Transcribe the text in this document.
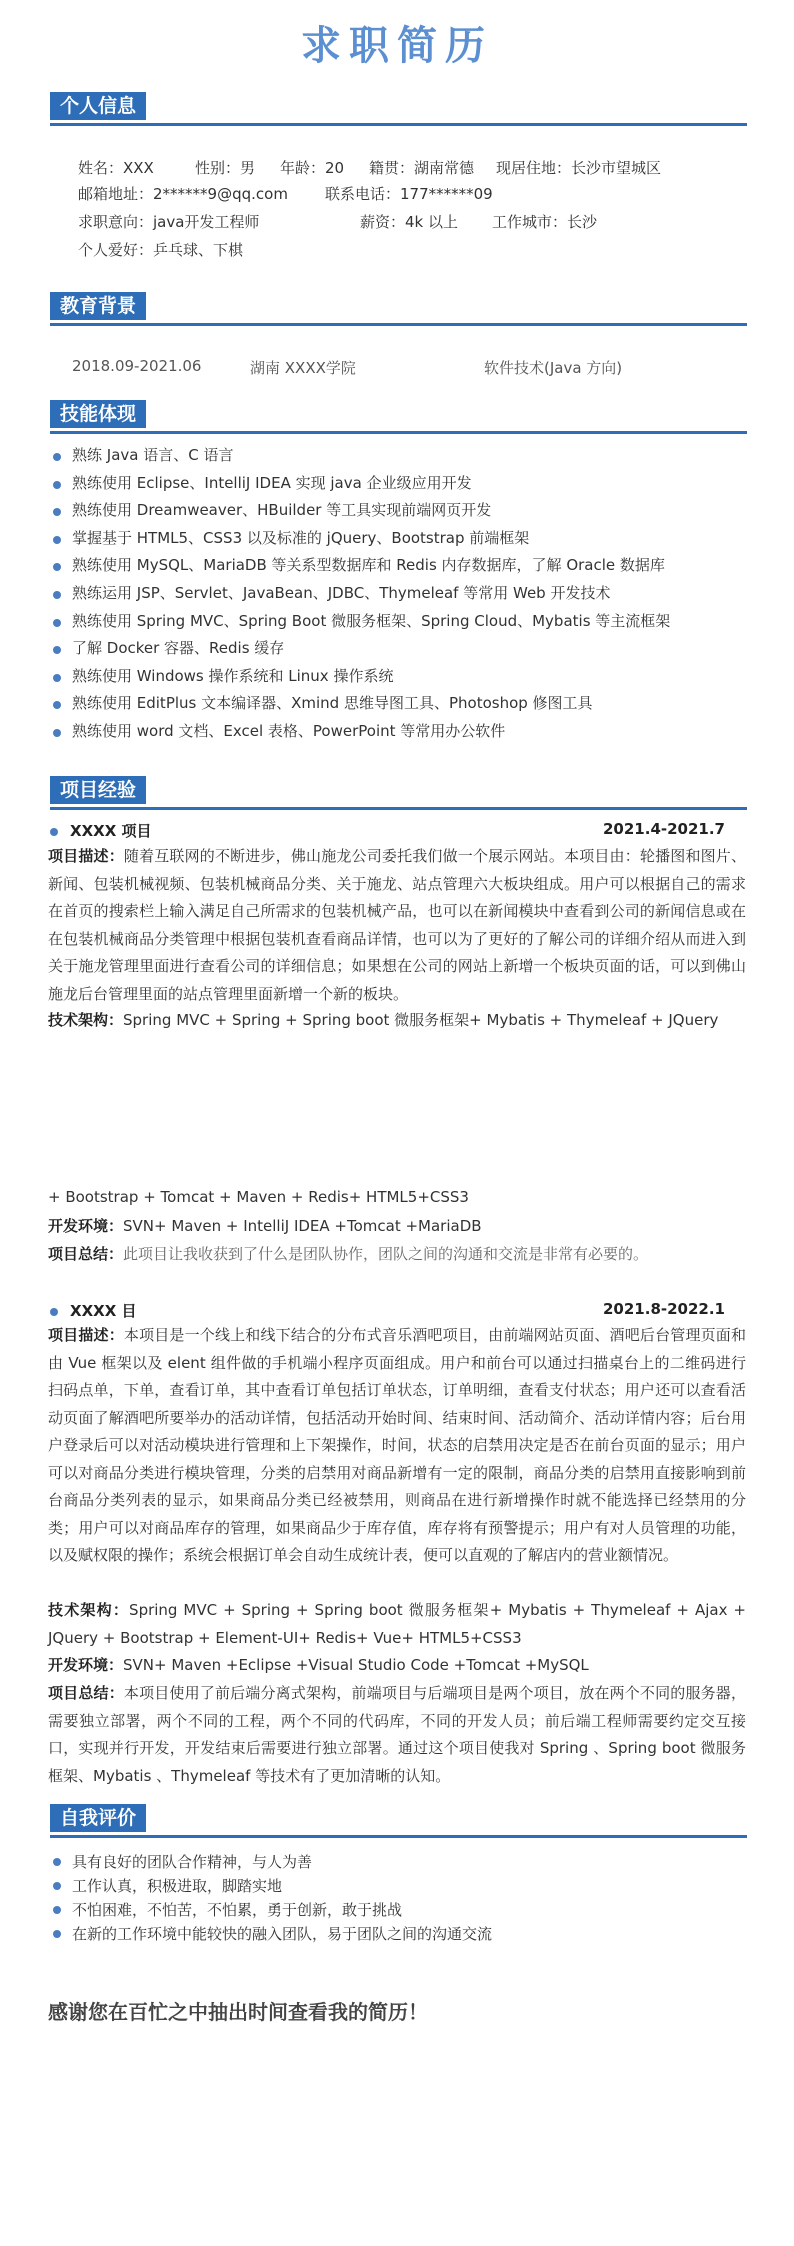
求职简历
个人信息
姓名：XXX	性别：男 年龄：20 籍贯：湖南常德 现居住地：长沙市望城区
邮箱地址：2******9@qq.com 联系电话：177******09
求职意向：java开发工程师	薪资：4k 以上 工作城市：长沙
个人爱好：乒乓球、下棋
教育背景
2018.09-2021.06	湖南 XXXX学院	软件技术(Java 方向)
技能体现
熟练 Java 语言、C 语言
熟练使用 Eclipse、IntelliJ IDEA 实现 java 企业级应用开发
熟练使用 Dreamweaver、HBuilder 等工具实现前端网页开发
掌握基于 HTML5、CSS3 以及标准的 jQuery、Bootstrap 前端框架
熟练使用 MySQL、MariaDB 等关系型数据库和 Redis 内存数据库，了解 Oracle 数据库
熟练运用 JSP、Servlet、JavaBean、JDBC、Thymeleaf 等常用 Web 开发技术
熟练使用 Spring MVC、Spring Boot 微服务框架、Spring Cloud、Mybatis 等主流框架
了解 Docker 容器、Redis 缓存
熟练使用 Windows 操作系统和 Linux 操作系统
熟练使用 EditPlus 文本编译器、Xmind 思维导图工具、Photoshop 修图工具
熟练使用 word 文档、Excel 表格、PowerPoint 等常用办公软件
项目经验
XXXX 项目	2021.4-2021.7
项目描述：随着互联网的不断进步，佛山施龙公司委托我们做一个展示网站。本项目由：轮播图和图片、新闻、包装机械视频、包装机械商品分类、关于施龙、站点管理六大板块组成。用户可以根据自己的需求在首页的搜索栏上输入满足自己所需求的包装机械产品，也可以在新闻模块中查看到公司的新闻信息或在在包装机械商品分类管理中根据包装机查看商品详情，也可以为了更好的了解公司的详细介绍从而进入到关于施龙管理里面进行查看公司的详细信息；如果想在公司的网站上新增一个板块页面的话，可以到佛山施龙后台管理里面的站点管理里面新增一个新的板块。
技术架构：Spring MVC + Spring + Spring boot 微服务框架+ Mybatis + Thymeleaf + JQuery
+ Bootstrap + Tomcat + Maven + Redis+ HTML5+CSS3
开发环境：SVN+ Maven + IntelliJ IDEA +Tomcat +MariaDB
项目总结：此项目让我收获到了什么是团队协作，团队之间的沟通和交流是非常有必要的。
XXXX 目	2021.8-2022.1
项目描述：本项目是一个线上和线下结合的分布式音乐酒吧项目，由前端网站页面、酒吧后台管理页面和由 Vue 框架以及 elent 组件做的手机端小程序页面组成。用户和前台可以通过扫描桌台上的二维码进行扫码点单，下单，查看订单，其中查看订单包括订单状态，订单明细，查看支付状态；用户还可以查看活动页面了解酒吧所要举办的活动详情，包括活动开始时间、结束时间、活动简介、活动详情内容；后台用户登录后可以对活动模块进行管理和上下架操作，时间，状态的启禁用决定是否在前台页面的显示；用户可以对商品分类进行模块管理，分类的启禁用对商品新增有一定的限制，商品分类的启禁用直接影响到前台商品分类列表的显示，如果商品分类已经被禁用，则商品在进行新增操作时就不能选择已经禁用的分类；用户可以对商品库存的管理，如果商品少于库存值，库存将有预警提示；用户有对人员管理的功能，以及赋权限的操作；系统会根据订单会自动生成统计表，便可以直观的了解店内的营业额情况。
技术架构：Spring MVC + Spring + Spring boot 微服务框架+ Mybatis + Thymeleaf + Ajax + JQuery + Bootstrap + Element-UI+ Redis+ Vue+ HTML5+CSS3
开发环境：SVN+ Maven +Eclipse +Visual Studio Code +Tomcat +MySQL
项目总结：本项目使用了前后端分离式架构，前端项目与后端项目是两个项目，放在两个不同的服务器，需要独立部署，两个不同的工程，两个不同的代码库，不同的开发人员；前后端工程师需要约定交互接口，实现并行开发，开发结束后需要进行独立部署。通过这个项目使我对 Spring 、Spring boot 微服务框架、Mybatis 、Thymeleaf 等技术有了更加清晰的认知。
自我评价
具有良好的团队合作精神，与人为善
工作认真，积极进取，脚踏实地
不怕困难，不怕苦，不怕累，勇于创新，敢于挑战
在新的工作环境中能较快的融入团队，易于团队之间的沟通交流
感谢您在百忙之中抽出时间查看我的简历！
